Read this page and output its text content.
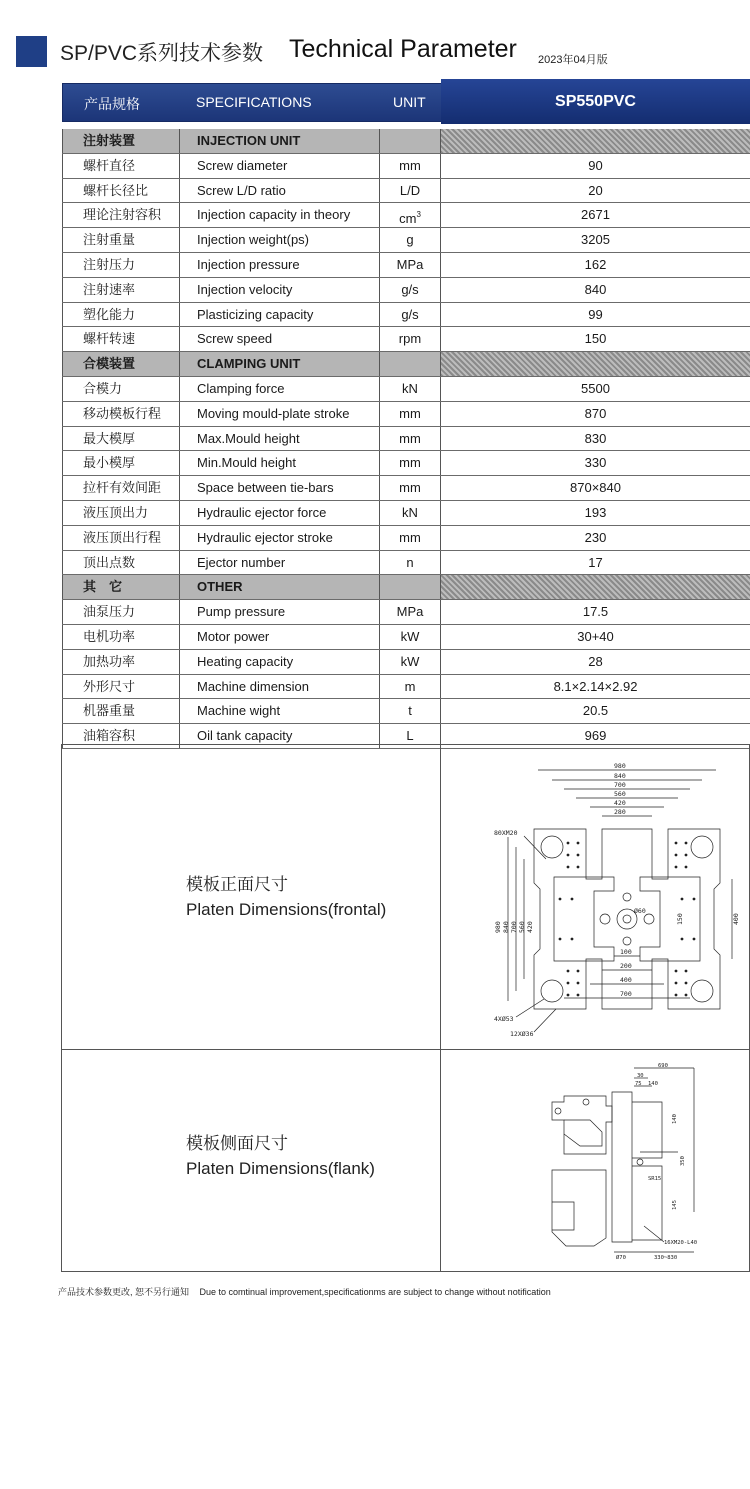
SP/PVC系列技术参数 Technical Parameter 2023年04月版
产品规格	SPECIFICATIONS	UNIT	SP550PVC
注射装置	INJECTION UNIT
螺杆直径	Screw diameter	mm	90
螺杆长径比	Screw L/D ratio	L/D	20
理论注射容积	Injection capacity in theory	$cm^3$	2671
注射重量	Injection weight(ps)	g	3205
注射压力	Injection pressure	MPa	162
注射速率	Injection velocity	g/s	840
塑化能力	Plasticizing capacity	g/s	99
螺杆转速	Screw speed	rpm	150
合模装置	CLAMPING UNIT
合模力	Clamping force	kN	5500
移动模板行程	Moving mould-plate stroke	mm	870
最大模厚	Max.Mould height	mm	830
最小模厚	Min.Mould height	mm	330
拉杆有效间距	Space between tie-bars	mm	870×840
液压顶出力	Hydraulic ejector force	kN	193
液压顶出行程	Hydraulic ejector stroke	mm	230
顶出点数	Ejector number	n	17
其　它	OTHER
油泵压力	Pump pressure	MPa	17.5
电机功率	Motor power	kW	30+40
加热功率	Heating capacity	kW	28
外形尺寸	Machine dimension	m	8.1×2.14×2.92
机器重量	Machine wight	t	20.5
油箱容积	Oil tank capacity	L	969
模板正面尺寸
Platen Dimensions(frontal)
980
840
700
560
420
280
980 840 700 560 420
400
150
100
200
400
700
Ø60
80XM20
4XØ53
12XØ36
模板侧面尺寸
Platen Dimensions(flank)
690
30
75 140
140
350
145
SR15
16XM20-L40
Ø70	330~830
产品技术参数更改, 恕不另行通知 Due to comtinual improvement,specificationms are subject to change without notification
